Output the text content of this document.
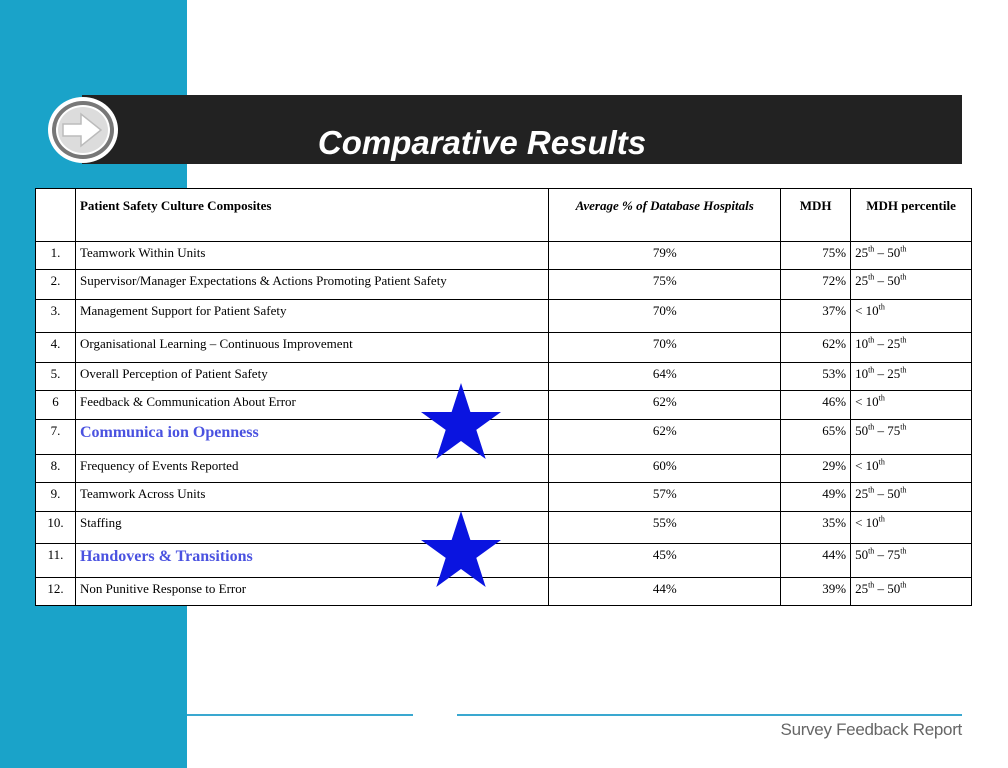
Comparative Results
	Patient Safety Culture Composites	Average % of Database Hospitals	MDH	MDH percentile
1.	Teamwork Within Units	79%	75%	25th – 50th
2.	Supervisor/Manager Expectations & Actions Promoting Patient Safety	75%	72%	25th – 50th
3.	Management Support for Patient Safety	70%	37%	< 10th
4.	Organisational Learning – Continuous Improvement	70%	62%	10th – 25th
5.	Overall Perception of Patient Safety	64%	53%	10th – 25th
6	Feedback & Communication About Error	62%	46%	< 10th
7.	Communica ion Openness	62%	65%	50th – 75th
8.	Frequency of Events Reported	60%	29%	< 10th
9.	Teamwork Across Units	57%	49%	25th – 50th
10.	Staffing	55%	35%	< 10th
11.	Handovers & Transitions	45%	44%	50th – 75th
12.	Non Punitive Response to Error	44%	39%	25th – 50th
Survey Feedback Report
